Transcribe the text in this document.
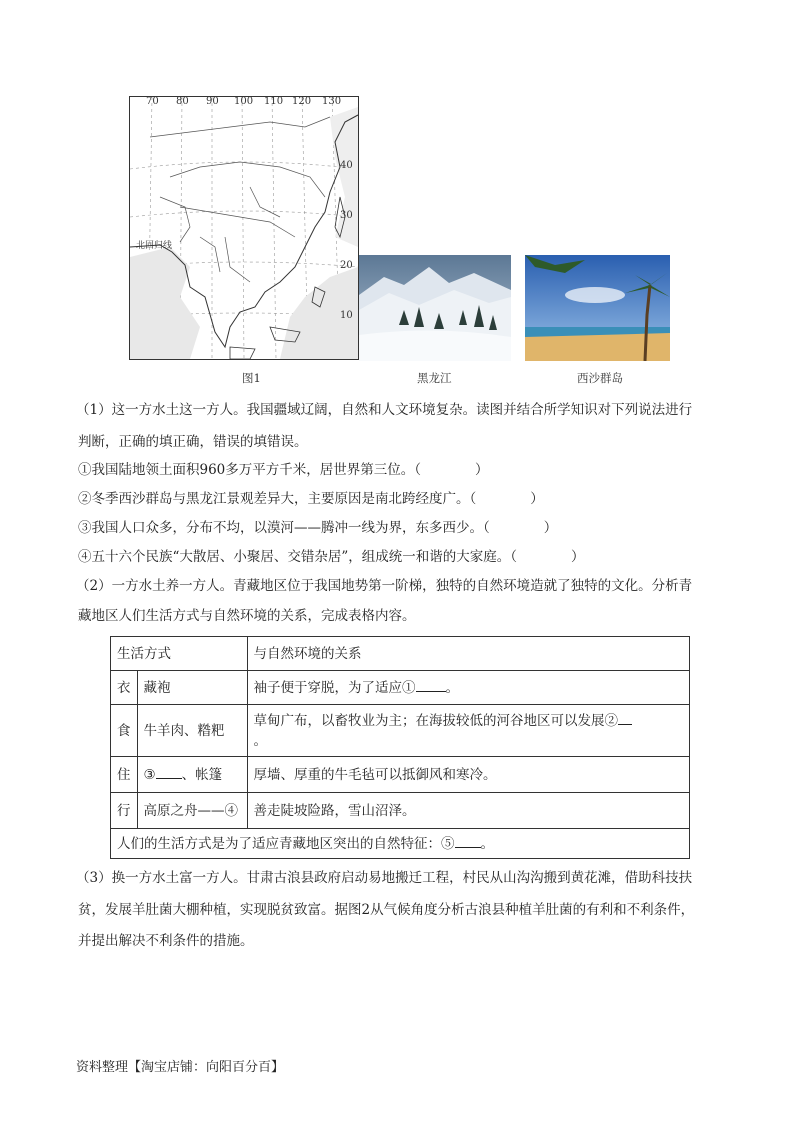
70 80 90 100 110 120 130
40
30
20
10
北回归线
图1	黑龙江	西沙群岛
（1）这一方水土这一方人。我国疆域辽阔，自然和人文环境复杂。读图并结合所学知识对下列说法进行
判断，正确的填正确，错误的填错误。
①我国陆地领土面积960多万平方千米，居世界第三位。（　　　　）
②冬季西沙群岛与黑龙江景观差异大，主要原因是南北跨经度广。（　　　　）
③我国人口众多，分布不均，以漠河——腾冲一线为界，东多西少。（　　　　）
④五十六个民族“大散居、小聚居、交错杂居”，组成统一和谐的大家庭。（　　　　）
（2）一方水土养一方人。青藏地区位于我国地势第一阶梯，独特的自然环境造就了独特的文化。分析青
藏地区人们生活方式与自然环境的关系，完成表格内容。
生活方式		与自然环境的关系
衣	藏袍	袖子便于穿脱，为了适应① 。
食	牛羊肉、糌粑	草甸广布，以畜牧业为主；在海拔较低的河谷地区可以发展②
。
住	③ 、帐篷	厚墙、厚重的牛毛毡可以抵御风和寒冷。
行	高原之舟——④	善走陡坡险路，雪山沼泽。
人们的生活方式是为了适应青藏地区突出的自然特征：⑤ 。		
（3）换一方水土富一方人。甘肃古浪县政府启动易地搬迁工程，村民从山沟沟搬到黄花滩，借助科技扶
贫，发展羊肚菌大棚种植，实现脱贫致富。据图2从气候角度分析古浪县种植羊肚菌的有利和不利条件，
并提出解决不利条件的措施。
资料整理【淘宝店铺：向阳百分百】
